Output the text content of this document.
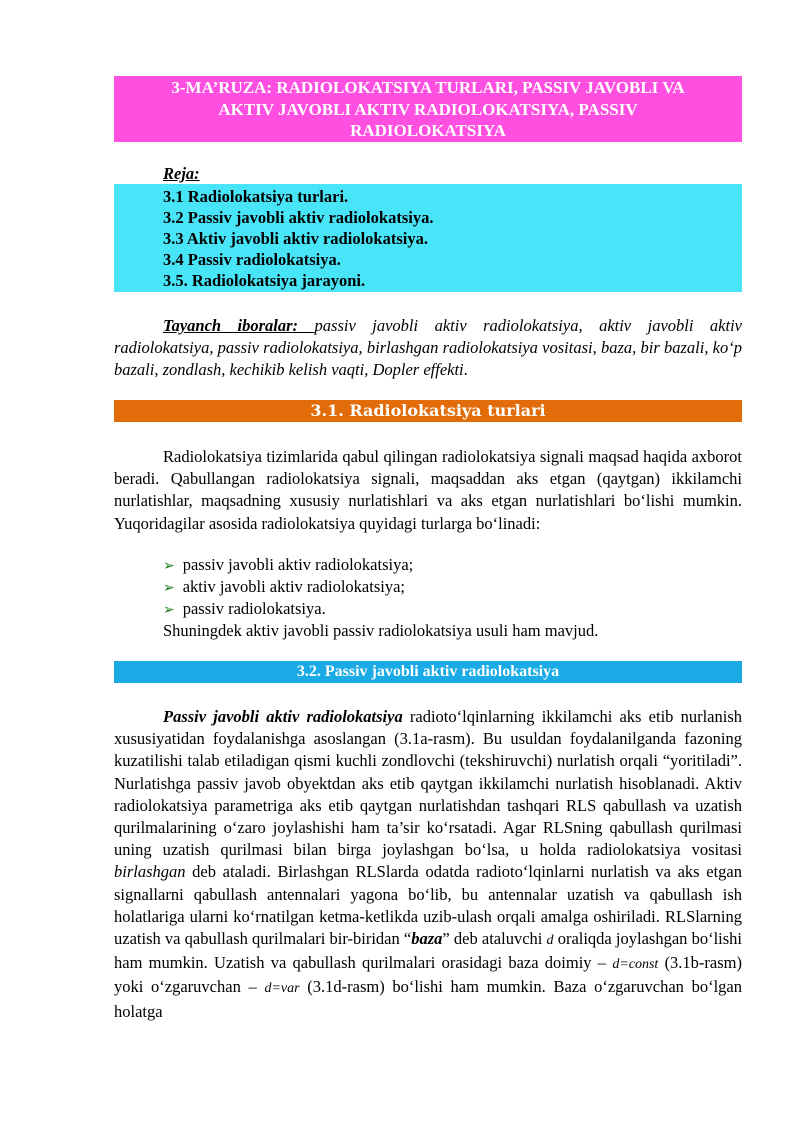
3-MA’RUZA: RADIOLOKATSIYA TURLARI, PASSIV JAVOBLI VA
AKTIV JAVOBLI AKTIV RADIOLOKATSIYA, PASSIV
RADIOLOKATSIYA
Reja:
3.1 Radiolokatsiya turlari.
3.2 Passiv javobli aktiv radiolokatsiya.
3.3 Aktiv javobli aktiv radiolokatsiya.
3.4 Passiv radiolokatsiya.
3.5. Radiolokatsiya jarayoni.

Tayanch iboralar: passiv javobli aktiv radiolokatsiya, aktiv javobli aktiv radiolokatsiya, passiv radiolokatsiya, birlashgan radiolokatsiya vositasi, baza, bir bazali, ko‘p bazali, zondlash, kechikib kelish vaqti, Dopler effekti.

3.1. Radiolokatsiya turlari

Radiolokatsiya tizimlarida qabul qilingan radiolokatsiya signali maqsad haqida axborot beradi. Qabullangan radiolokatsiya signali, maqsaddan aks etgan (qaytgan) ikkilamchi nurlatishlar, maqsadning xususiy nurlatishlari va aks etgan nurlatishlari bo‘lishi mumkin. Yuqoridagilar asosida radiolokatsiya quyidagi turlarga bo‘linadi:

➢ passiv javobli aktiv radiolokatsiya;
➢ aktiv javobli aktiv radiolokatsiya;
➢ passiv radiolokatsiya.
Shuningdek aktiv javobli passiv radiolokatsiya usuli ham mavjud.
3.2. Passiv javobli aktiv radiolokatsiya

Passiv javobli aktiv radiolokatsiya radioto‘lqinlarning ikkilamchi aks etib nurlanish xususiyatidan foydalanishga asoslangan (3.1a-rasm). Bu usuldan foydalanilganda fazoning kuzatilishi talab etiladigan qismi kuchli zondlovchi (tekshiruvchi) nurlatish orqali “yoritiladi”. Nurlatishga passiv javob obyektdan aks etib qaytgan ikkilamchi nurlatish hisoblanadi. Aktiv radiolokatsiya parametriga aks etib qaytgan nurlatishdan tashqari RLS qabullash va uzatish qurilmalarining o‘zaro joylashishi ham ta’sir ko‘rsatadi. Agar RLSning qabullash qurilmasi uning uzatish qurilmasi bilan birga joylashgan bo‘lsa, u holda radiolokatsiya vositasi birlashgan deb ataladi. Birlashgan RLSlarda odatda radioto‘lqinlarni nurlatish va aks etgan signallarni qabullash antennalari yagona bo‘lib, bu antennalar uzatish va qabullash ish holatlariga ularni ko‘rnatilgan ketma-ketlikda uzib-ulash orqali amalga oshiriladi. RLSlarning uzatish va qabullash qurilmalari bir-biridan “baza” deb ataluvchi d oraliqda joylashgan bo‘lishi ham mumkin. Uzatish va qabullash qurilmalari orasidagi baza doimiy – d=const (3.1b-rasm) yoki o‘zgaruvchan – d=var (3.1d-rasm) bo‘lishi ham mumkin. Baza o‘zgaruvchan bo‘lgan holatga
